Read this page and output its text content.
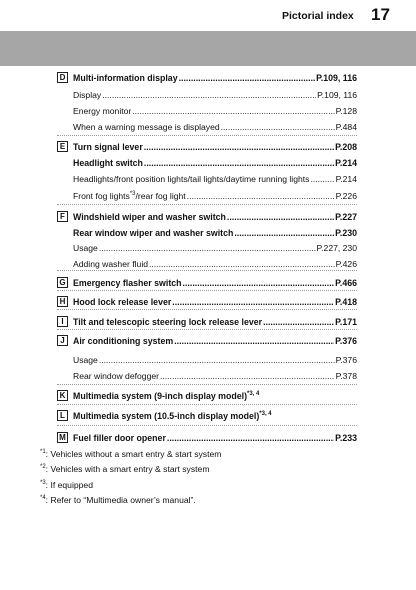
Pictorial index 17
D Multi-information display .....	P.109, 116
Display .....	P.109, 116
Energy monitor .....	P.128
When a warning message is displayed .....	P.484
E Turn signal lever .....	P.208
Headlight switch .....	P.214
Headlights/front position lights/tail lights/daytime running lights .....	P.214
Front fog lights$^{*3}$/rear fog light .....	P.226
F Windshield wiper and washer switch .....	P.227
Rear window wiper and washer switch .....	P.230
Usage .....	P.227, 230
Adding washer fluid .....	P.426
G Emergency flasher switch .....	P.466
H Hood lock release lever .....	P.418
I	Tilt and telescopic steering lock release lever .....	P.171
J Air conditioning system .....	P.376
Usage .....	P.376
Rear window defogger .....	P.378
K Multimedia system (9-inch display model)$^{*3, 4}$
L Multimedia system (10.5-inch display model)$^{*3, 4}$
M Fuel filler door opener .....	P.233
$^{*1}$: Vehicles without a smart entry & start system
$^{*2}$: Vehicles with a smart entry & start system
$^{*3}$: If equipped
$^{*4}$: Refer to “Multimedia owner’s manual”.
